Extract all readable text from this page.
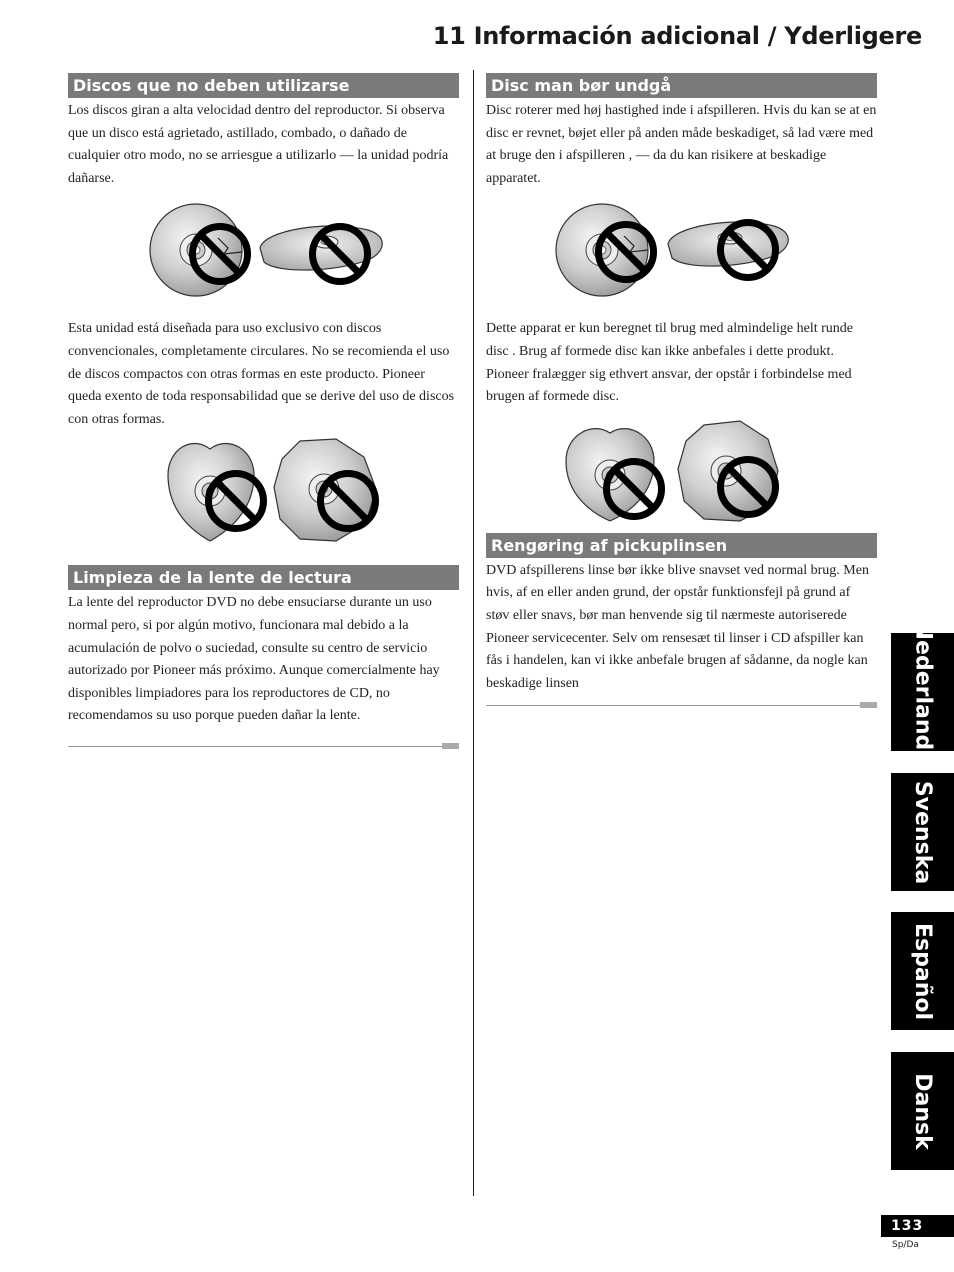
11 Información adicional / Yderligere
Discos que no deben utilizarse

Los discos giran a alta velocidad dentro del reproductor. Si observa que un disco está agrietado, astillado, combado, o dañado de cualquier otro modo, no se arriesgue a utilizarlo — la unidad podría dañarse.

Esta unidad está diseñada para uso exclusivo con discos convencionales, completamente circulares. No se recomienda el uso de discos compactos con otras formas en este producto. Pioneer queda exento de toda responsabilidad que se derive del uso de discos con otras formas.

Limpieza de la lente de lectura

La lente del reproductor DVD no debe ensuciarse durante un uso normal pero, si por algún motivo, funcionara mal debido a la acumulación de polvo o suciedad, consulte su centro de servicio autorizado por Pioneer más próximo. Aunque comercialmente hay disponibles limpiadores para los reproductores de CD, no recomendamos su uso porque pueden dañar la lente.

Disc man bør undgå

Disc roterer med høj hastighed inde i afspilleren. Hvis du kan se at en disc er revnet, bøjet eller på anden måde beskadiget, så lad være med at bruge den i afspilleren , — da du kan risikere at beskadige apparatet.

Dette apparat er kun beregnet til brug med almindelige helt runde disc . Brug af formede disc kan ikke anbefales i dette produkt. Pioneer fralægger sig ethvert ansvar, der opstår i forbindelse med brugen af formede disc.

Rengøring af pickuplinsen

DVD afspillerens linse bør ikke blive snavset ved normal brug. Men hvis, af en eller anden grund, der opstår funktionsfejl på grund af støv eller snavs, bør man henvende sig til nærmeste autoriserede Pioneer servicecenter. Selv om rensesæt til linser i CD afspiller kan fås i handelen, kan vi ikke anbefale brugen af sådanne, da nogle kan beskadige linsen	Nederlands
Svenska
Español
Dansk
133
Sp/Da
